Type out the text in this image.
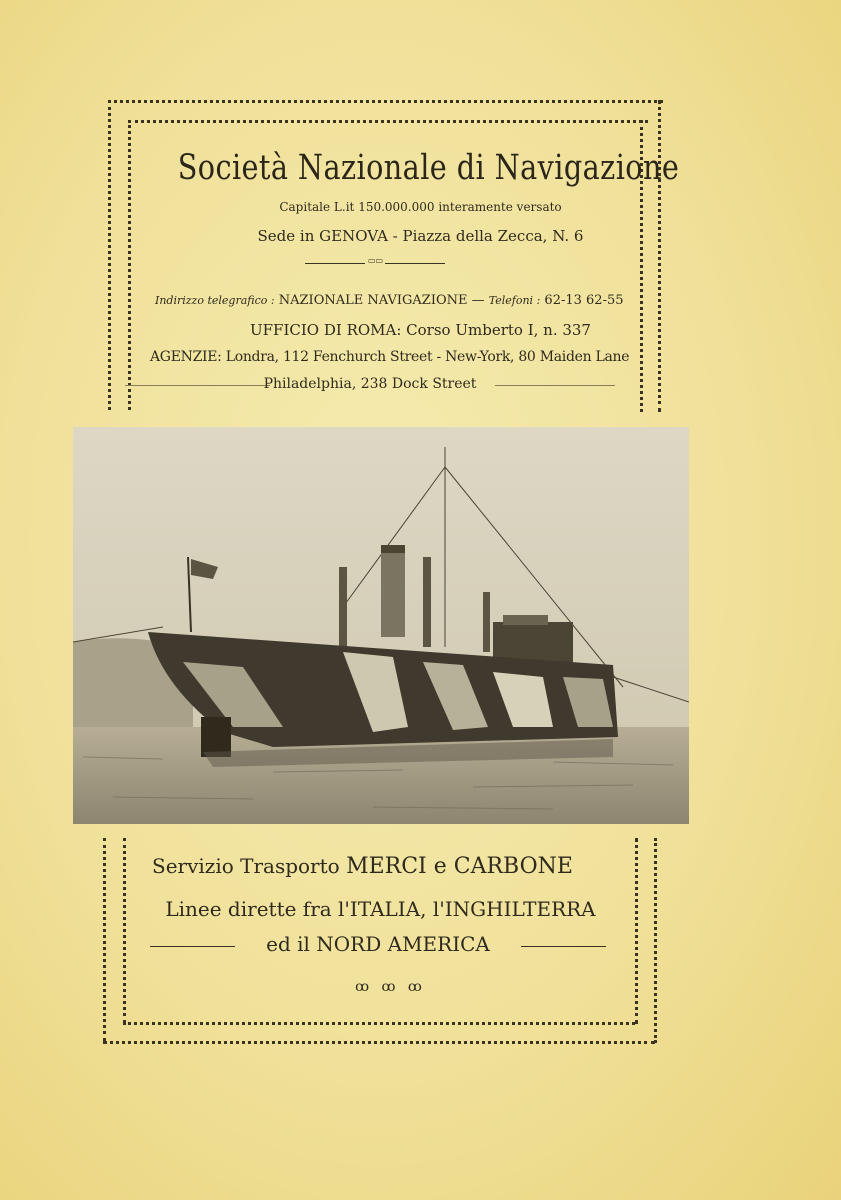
Società Nazionale di Navigazione
Capitale L.it 150.000.000 interamente versato
Sede in GENOVA - Piazza della Zecca, N. 6
▭▭
Indirizzo telegrafico : NAZIONALE NAVIGAZIONE — Telefoni : 62-13 62-55
UFFICIO DI ROMA: Corso Umberto I, n. 337
AGENZIE: Londra, 112 Fenchurch Street - New-York, 80 Maiden Lane
Philadelphia, 238 Dock Street
Servizio Trasporto MERCI e CARBONE
Linee dirette fra l'ITALIA, l'INGHILTERRA
ed il NORD AMERICA
ꝏ ꝏ ꝏ
